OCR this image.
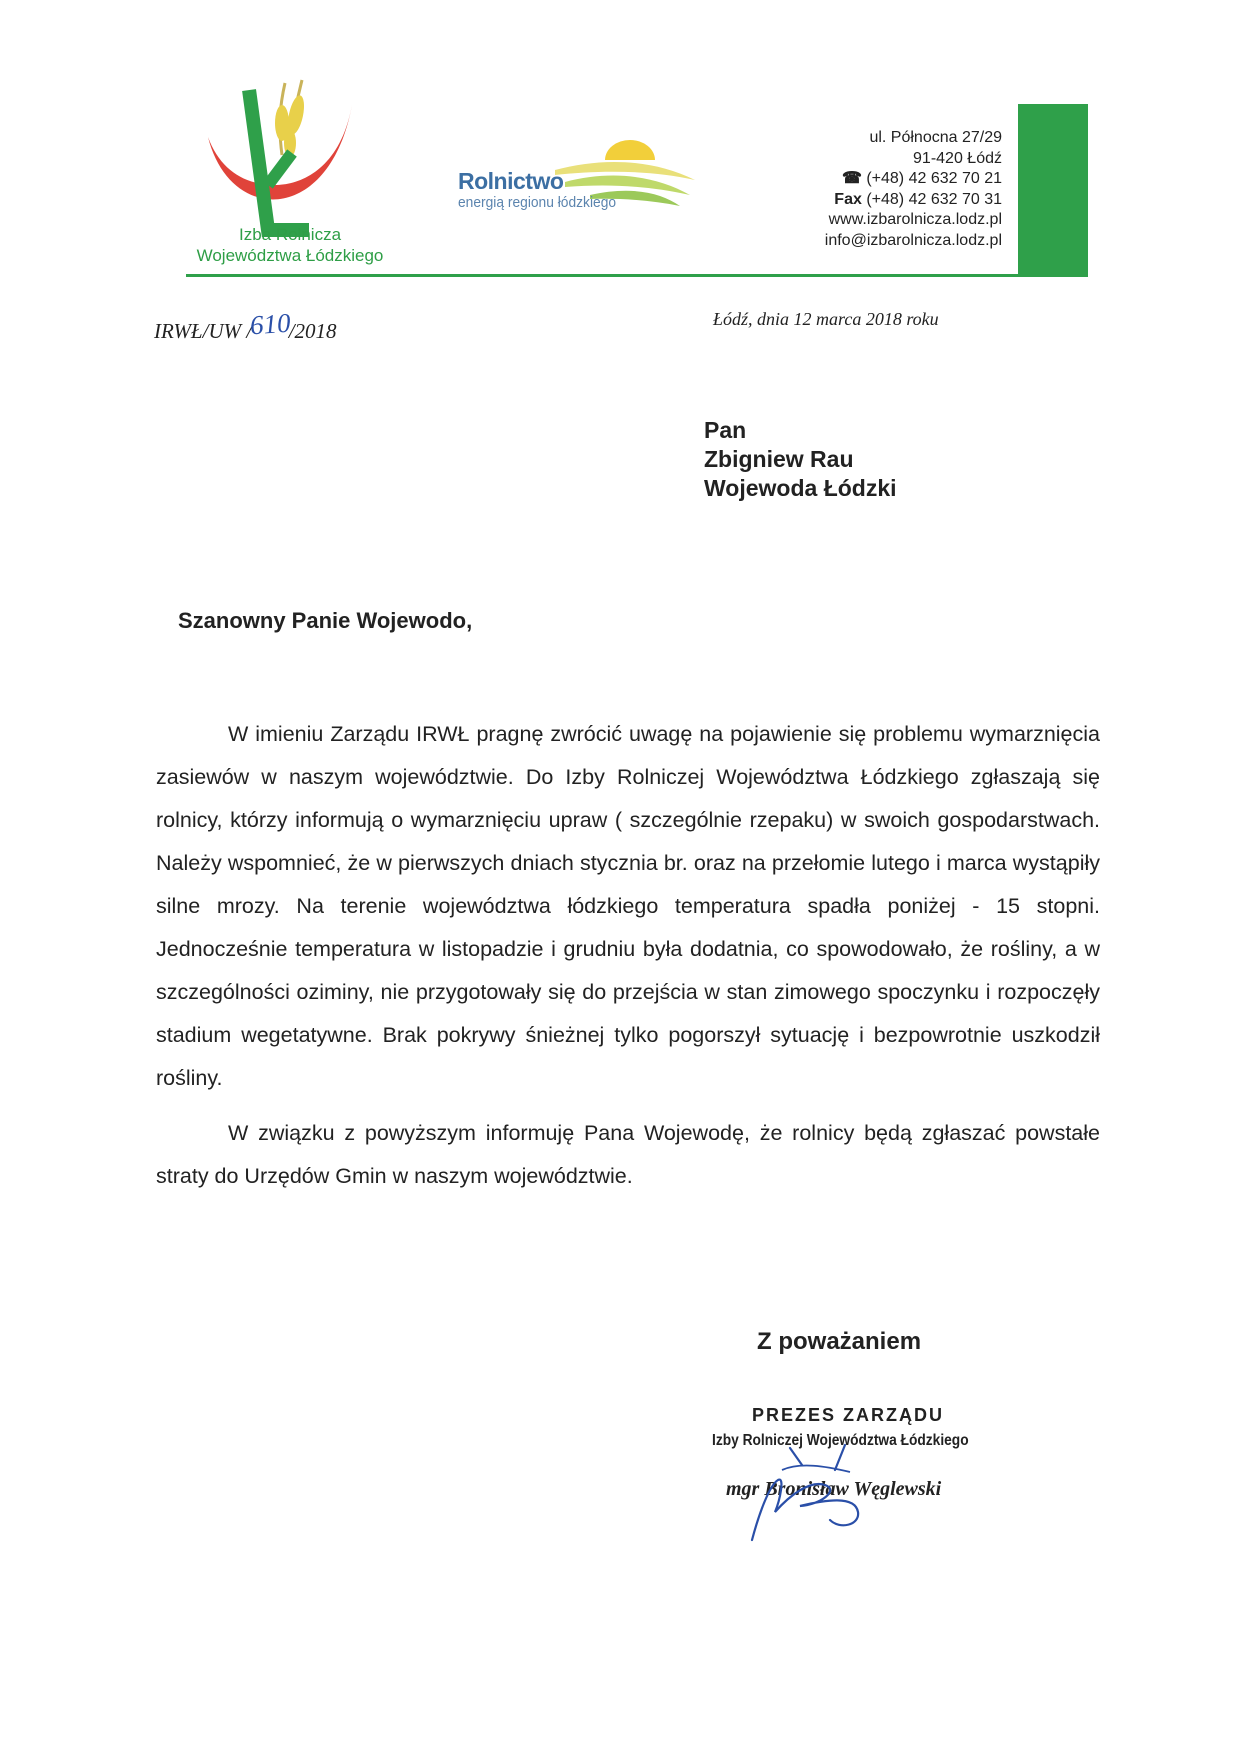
Izba Rolnicza
Województwa Łódzkiego
Rolnictwo
energią regionu łódzkiego
ul. Północna 27/29
91-420 Łódź
☎ (+48) 42 632 70 21
Fax (+48) 42 632 70 31
www.izbarolnicza.lodz.pl
info@izbarolnicza.lodz.pl
IRWŁ/UW /610/2018	Łódź, dnia 12 marca 2018 roku
Pan
Zbigniew Rau
Wojewoda Łódzki
Szanowny Panie Wojewodo,

W imieniu Zarządu IRWŁ pragnę zwrócić uwagę na pojawienie się problemu wymarznięcia zasiewów w naszym województwie. Do Izby Rolniczej Województwa Łódzkiego zgłaszają się rolnicy, którzy informują o wymarznięciu upraw ( szczególnie rzepaku) w swoich gospodarstwach. Należy wspomnieć, że w pierwszych dniach stycznia br. oraz na przełomie lutego i marca wystąpiły silne mrozy. Na terenie województwa łódzkiego temperatura spadła poniżej - 15 stopni. Jednocześnie temperatura w listopadzie i grudniu była dodatnia, co spowodowało, że rośliny, a w szczególności oziminy, nie przygotowały się do przejścia w stan zimowego spoczynku i rozpoczęły stadium wegetatywne. Brak pokrywy śnieżnej tylko pogorszył sytuację i bezpowrotnie uszkodził rośliny.

W związku z powyższym informuję Pana Wojewodę, że rolnicy będą zgłaszać powstałe straty do Urzędów Gmin w naszym województwie.

Z poważaniem
PREZES ZARZĄDU
Izby Rolniczej Województwa Łódzkiego
mgr Bronisław Węglewski
